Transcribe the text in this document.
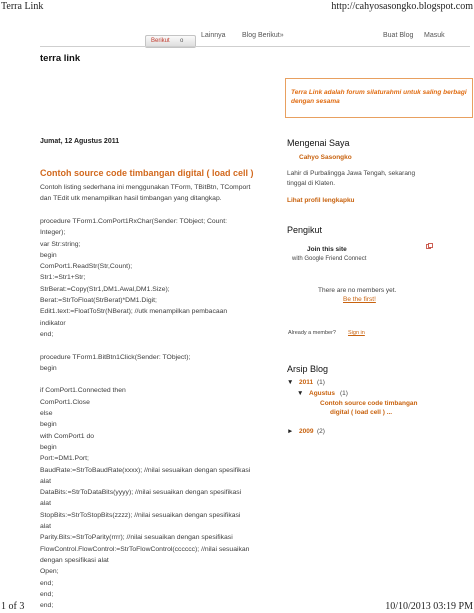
Terra Link	http://cahyosasongko.blogspot.com
Berikut o
Lainnya Blog Berikut»	Buat Blog Masuk
terra link
Terra Link adalah forum silaturahmi untuk saling berbagi dengan sesama
Jumat, 12 Agustus 2011
Contoh source code timbangan digital ( load cell )
Contoh listing sederhana ini menggunakan TForm, TBitBtn, TComport
dan TEdit utk menampilkan hasil timbangan yang ditangkap.
procedure TForm1.ComPort1RxChar(Sender: TObject; Count:
Integer);
var Str:string;
begin
ComPort1.ReadStr(Str,Count);
Str1:=Str1+Str;
StrBerat:=Copy(Str1,DM1.Awal,DM1.Size);
Berat:=StrToFloat(StrBerat)*DM1.Digit;
Edit1.text:=FloatToStr(NBerat); //utk menampilkan pembacaan
indikator
end;
procedure TForm1.BitBtn1Click(Sender: TObject);
begin
if ComPort1.Connected then
ComPort1.Close
else
begin
with ComPort1 do
begin
Port:=DM1.Port;
BaudRate:=StrToBaudRate(xxxx); //nilai sesuaikan dengan spesifikasi
alat
DataBits:=StrToDataBits(yyyy); //nilai sesuaikan dengan spesifikasi
alat
StopBits:=StrToStopBits(zzzz); //nilai sesuaikan dengan spesifikasi
alat
Parity.Bits:=StrToParity(rrrr); //nilai sesuaikan dengan spesifikasi
FlowControl.FlowControl:=StrToFlowControl(cccccc); //nilai sesuaikan
dengan spesifikasi alat
Open;
end;
end;
end;
Mengenai Saya
Cahyo Sasongko
Lahir di Purbalingga Jawa Tengah, sekarang
tinggal di Klaten.
Lihat profil lengkapku
Pengikut
Join this site
with Google Friend Connect
There are no members yet.
Be the first!
Already a member? Sign in
Arsip Blog
▼ 2011 (1)
▼ Agustus (1)
Contoh source code timbangan
digital ( load cell ) ...
► 2009 (2)
1 of 3	10/10/2013 03:19 PM
